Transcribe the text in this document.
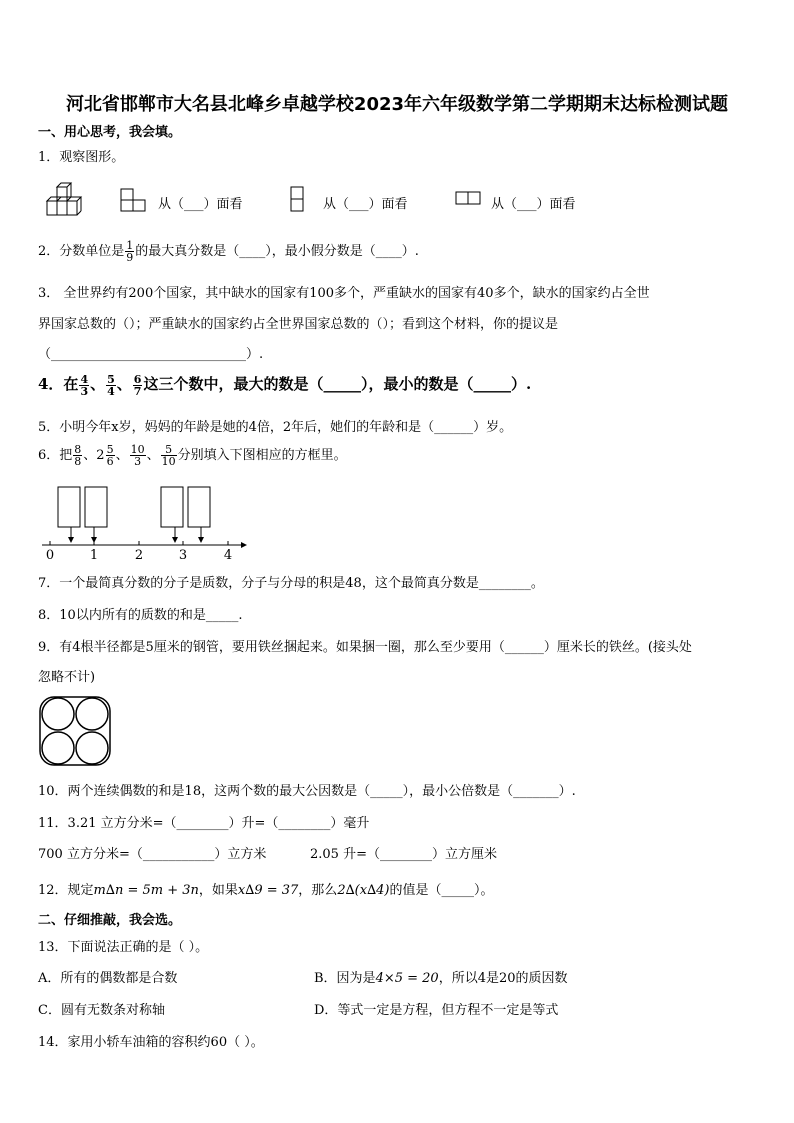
河北省邯郸市大名县北峰乡卓越学校2023年六年级数学第二学期期末达标检测试题
一、用心思考，我会填。
1．观察图形。
从（___）面看	从（___）面看	从（___）面看
2．分数单位是 $\frac{1}{9}$ 的最大真分数是（____），最小假分数是（____）.
3． 全世界约有200个国家，其中缺水的国家有100多个，严重缺水的国家有40多个，缺水的国家约占全世
界国家总数的（）；严重缺水的国家约占全世界国家总数的（）；看到这个材料，你的提议是
（______________________________）.
4．在 $\frac{4}{3}$ 、 $\frac{5}{4}$ 、 $\frac{6}{7}$ 这三个数中，最大的数是（_____），最小的数是（_____）.
5．小明今年x岁，妈妈的年龄是她的4倍，2年后，她们的年龄和是（______）岁。
6．把 $\frac{8}{8}$ 、$2 \frac{5}{6}$ 、 $\frac{10}{3}$ 、 $\frac{5}{10}$ 分别填入下图相应的方框里。
0	1	2	3	4
7．一个最简真分数的分子是质数，分子与分母的积是48，这个最简真分数是________。
8．10以内所有的质数的和是_____.
9．有4根半径都是5厘米的钢管，要用铁丝捆起来。如果捆一圈，那么至少要用（______）厘米长的铁丝。(接头处
忽略不计)
10．两个连续偶数的和是18，这两个数的最大公因数是（_____），最小公倍数是（_______）.
11．3.21 立方分米=（________）升=（________）毫升
700 立方分米=（___________）立方米	2.05 升=（________）立方厘米
12．规定m∆n = 5m + 3n，如果x∆9 = 37，那么2∆(x∆4)的值是（_____）。
二、仔细推敲，我会选。
13．下面说法正确的是（ ）。
A．所有的偶数都是合数	B．因为是4×5 = 20，所以4是20的质因数
C．圆有无数条对称轴	D．等式一定是方程，但方程不一定是等式
14．家用小轿车油箱的容积约60（ ）。
